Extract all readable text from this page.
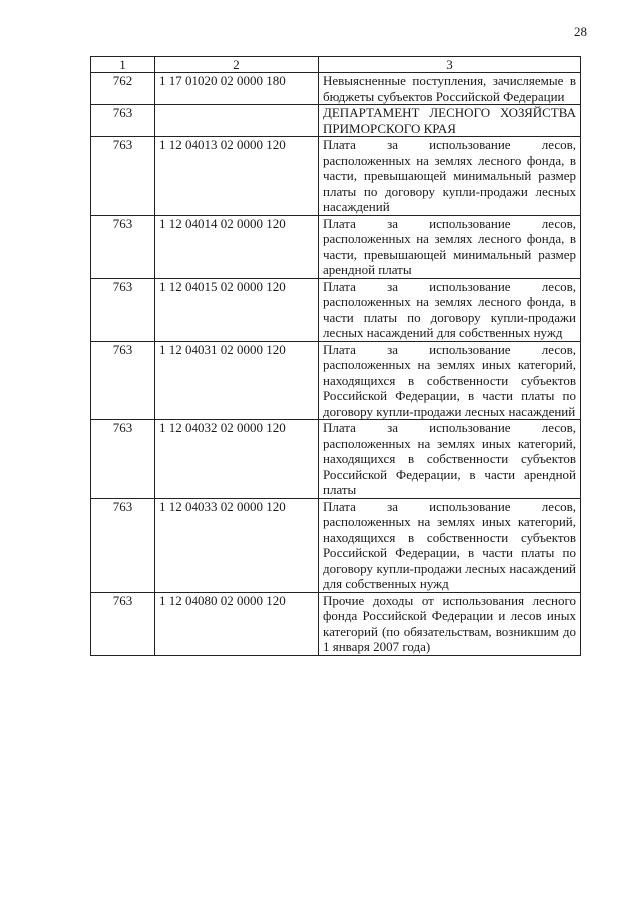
28
1	2	3
762	1 17 01020 02 0000 180	Невыясненные поступления, зачисляемые в бюджеты субъектов Российской Федерации
763		ДЕПАРТАМЕНТ ЛЕСНОГО ХОЗЯЙСТВА ПРИМОРСКОГО КРАЯ
763	1 12 04013 02 0000 120	Плата за использование лесов, расположенных на землях лесного фонда, в части, превышающей минимальный размер платы по договору купли-продажи лесных насаждений
763	1 12 04014 02 0000 120	Плата за использование лесов, расположенных на землях лесного фонда, в части, превышающей минимальный размер арендной платы
763	1 12 04015 02 0000 120	Плата за использование лесов, расположенных на землях лесного фонда, в части платы по договору купли-продажи лесных насаждений для собственных нужд
763	1 12 04031 02 0000 120	Плата за использование лесов, расположенных на землях иных категорий, находящихся в собственности субъектов Российской Федерации, в части платы по договору купли-продажи лесных насаждений
763	1 12 04032 02 0000 120	Плата за использование лесов, расположенных на землях иных категорий, находящихся в собственности субъектов Российской Федерации, в части арендной платы
763	1 12 04033 02 0000 120	Плата за использование лесов, расположенных на землях иных категорий, находящихся в собственности субъектов Российской Федерации, в части платы по договору купли-продажи лесных насаждений для собственных нужд
763	1 12 04080 02 0000 120	Прочие доходы от использования лесного фонда Российской Федерации и лесов иных категорий (по обязательствам, возникшим до 1 января 2007 года)
